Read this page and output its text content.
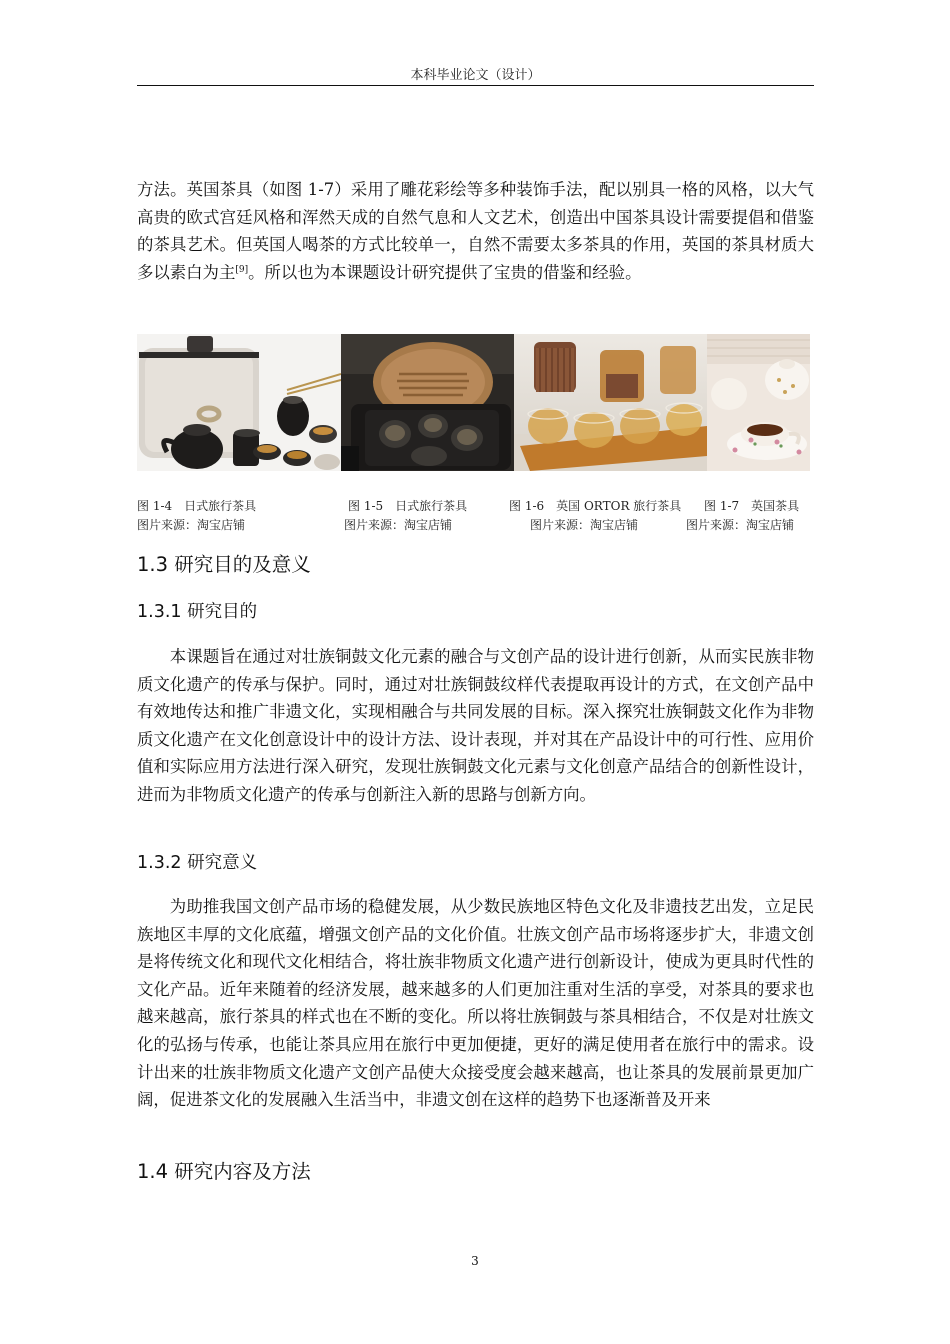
本科毕业论文（设计）

方法。英国茶具（如图 1-7）采用了雕花彩绘等多种装饰手法，配以别具一格的风格，以大气高贵的欧式宫廷风格和浑然天成的自然气息和人文艺术，创造出中国茶具设计需要提倡和借鉴的茶具艺术。但英国人喝茶的方式比较单一，自然不需要太多茶具的作用，英国的茶具材质大多以素白为主[9]。所以也为本课题设计研究提供了宝贵的借鉴和经验。

图 1-4　日式旅行茶具
图片来源：淘宝店铺
图 1-5　日式旅行茶具
图片来源：淘宝店铺
图 1-6　英国 ORTOR 旅行茶具
图片来源：淘宝店铺
图 1-7　英国茶具
图片来源：淘宝店铺
1.3 研究目的及意义
1.3.1 研究目的

本课题旨在通过对壮族铜鼓文化元素的融合与文创产品的设计进行创新，从而实民族非物质文化遗产的传承与保护。同时，通过对壮族铜鼓纹样代表提取再设计的方式，在文创产品中有效地传达和推广非遗文化，实现相融合与共同发展的目标。深入探究壮族铜鼓文化作为非物质文化遗产在文化创意设计中的设计方法、设计表现，并对其在产品设计中的可行性、应用价值和实际应用方法进行深入研究，发现壮族铜鼓文化元素与文化创意产品结合的创新性设计，进而为非物质文化遗产的传承与创新注入新的思路与创新方向。

1.3.2 研究意义

为助推我国文创产品市场的稳健发展，从少数民族地区特色文化及非遗技艺出发，立足民族地区丰厚的文化底蕴，增强文创产品的文化价值。壮族文创产品市场将逐步扩大，非遗文创是将传统文化和现代文化相结合，将壮族非物质文化遗产进行创新设计，使成为更具时代性的文化产品。近年来随着的经济发展，越来越多的人们更加注重对生活的享受，对茶具的要求也越来越高，旅行茶具的样式也在不断的变化。所以将壮族铜鼓与茶具相结合，不仅是对壮族文化的弘扬与传承，也能让茶具应用在旅行中更加便捷，更好的满足使用者在旅行中的需求。设计出来的壮族非物质文化遗产文创产品使大众接受度会越来越高，也让茶具的发展前景更加广阔，促进茶文化的发展融入生活当中，非遗文创在这样的趋势下也逐渐普及开来

1.4 研究内容及方法
3
